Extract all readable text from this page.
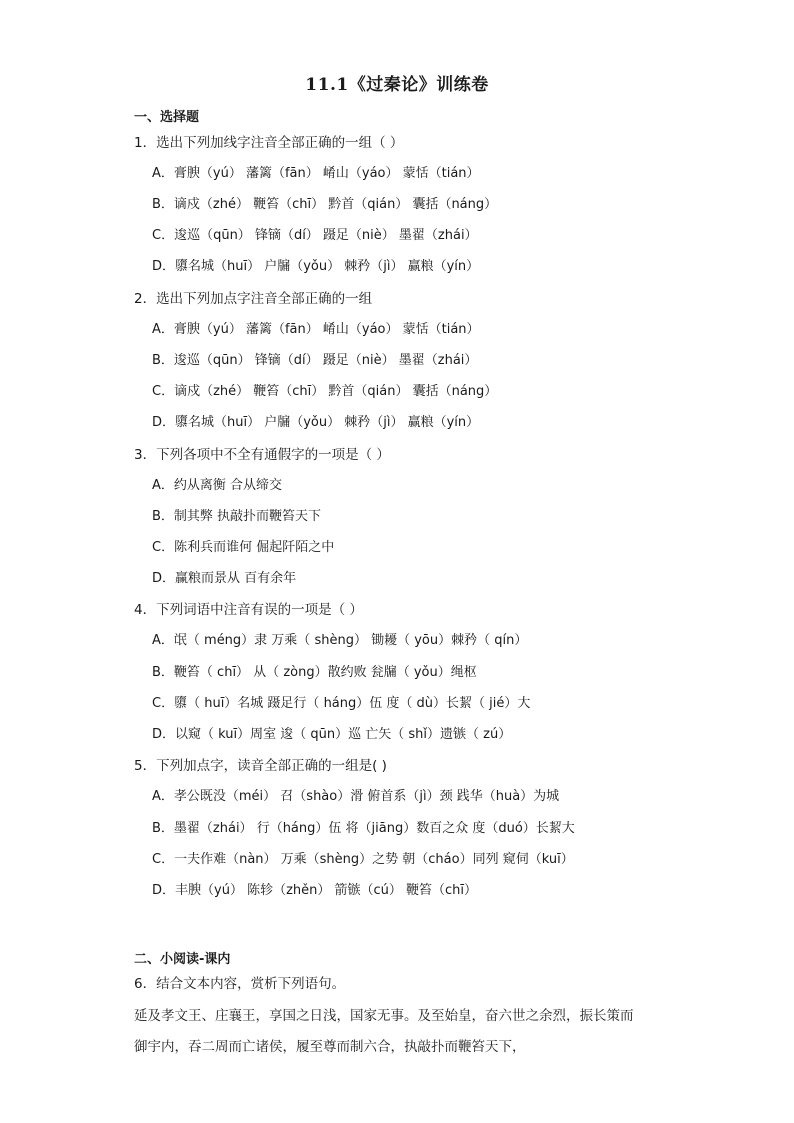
11.1《过秦论》训练卷
一、选择题
1．选出下列加线字注音全部正确的一组（ ）
A．膏腴（yú） 藩篱（fān） 崤山（yáo） 蒙恬（tián）
B．谪戍（zhé） 鞭笞（chī） 黔首（qián） 囊括（náng）
C．逡巡（qūn） 锋镝（dí） 蹑足（niè） 墨翟（zhái）
D．隳名城（huī） 户牖（yǒu） 棘矜（jì） 赢粮（yín）
2．选出下列加点字注音全部正确的一组
A．膏腴（yú） 藩篱（fān） 崤山（yáo） 蒙恬（tián）
B．逡巡（qūn） 锋镝（dí） 蹑足（niè） 墨翟（zhái）
C．谪戍（zhé） 鞭笞（chī） 黔首（qián） 囊括（náng）
D．隳名城（huī） 户牖（yǒu） 棘矜（jì） 赢粮（yín）
3．下列各项中不全有通假字的一项是（ ）
A．约从离衡 合从缔交
B．制其弊 执敲扑而鞭笞天下
C．陈利兵而谁何 倔起阡陌之中
D．赢粮而景从 百有余年
4．下列词语中注音有误的一项是（ ）
A．氓（ méng）隶 万乘（ shèng） 锄耰（ yōu）棘矜（ qín）
B．鞭笞（ chī） 从（ zòng）散约败 瓮牖（ yǒu）绳枢
C．隳（ huī）名城 蹑足行（ háng）伍 度（ dù）长絜（ jié）大
D．以窥（ kuī）周室 逡（ qūn）巡 亡矢（ shǐ）遗镞（ zú）
5．下列加点字，读音全部正确的一组是( )
A．孝公既没（méi） 召（shào）滑 俯首系（jì）颈 践华（huà）为城
B．墨翟（zhái） 行（háng）伍 将（jiāng）数百之众 度（duó）长絜大
C．一夫作难（nàn） 万乘（shèng）之势 朝（cháo）同列 窥伺（kuī）
D．丰腴（yú） 陈轸（zhěn） 箭镞（cú） 鞭笞（chī）
二、小阅读-课内
6．结合文本内容，赏析下列语句。
延及孝文王、庄襄王，享国之日浅，国家无事。及至始皇，奋六世之余烈，振长策而
御宇内，吞二周而亡诸侯，履至尊而制六合，执敲扑而鞭笞天下，
